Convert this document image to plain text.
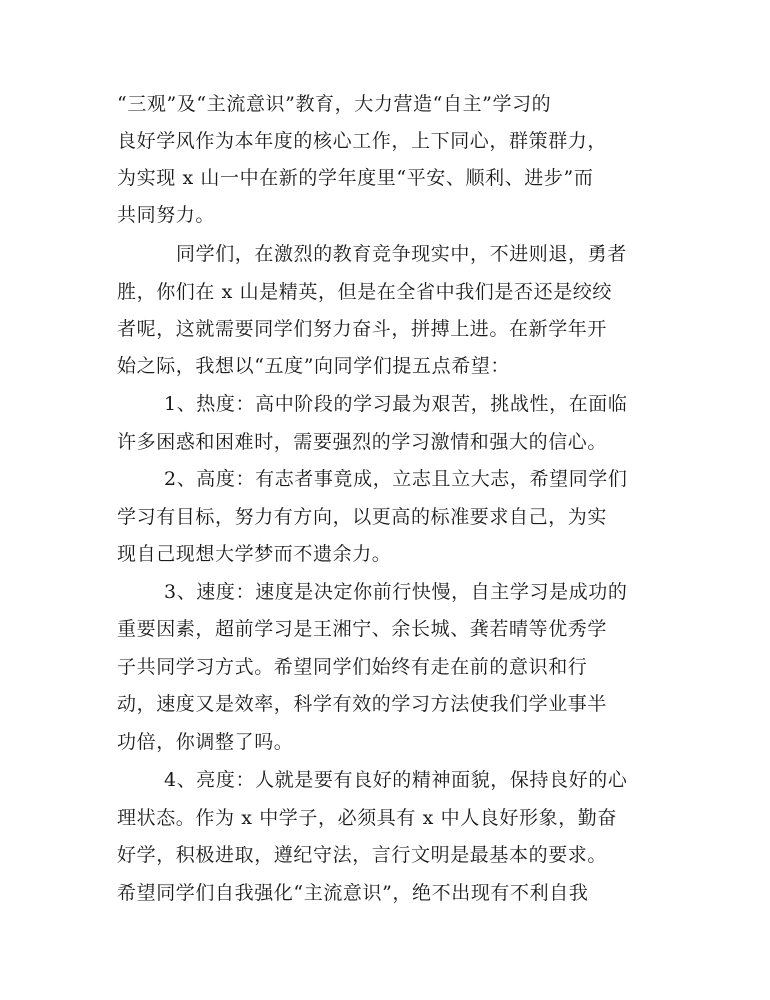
“三观”及“主流意识”教育，大力营造“自主”学习的
良好学风作为本年度的核心工作，上下同心，群策群力，
为实现 x 山一中在新的学年度里“平安、顺利、进步”而
共同努力。
同学们，在激烈的教育竞争现实中，不进则退，勇者
胜，你们在 x 山是精英，但是在全省中我们是否还是绞绞
者呢，这就需要同学们努力奋斗，拼搏上进。在新学年开
始之际，我想以“五度”向同学们提五点希望：
1、热度：高中阶段的学习最为艰苦，挑战性，在面临
许多困惑和困难时，需要强烈的学习激情和强大的信心。
2、高度：有志者事竟成，立志且立大志，希望同学们
学习有目标，努力有方向，以更高的标准要求自己，为实
现自己现想大学梦而不遗余力。
3、速度：速度是决定你前行快慢，自主学习是成功的
重要因素，超前学习是王湘宁、余长城、龚若晴等优秀学
子共同学习方式。希望同学们始终有走在前的意识和行
动，速度又是效率，科学有效的学习方法使我们学业事半
功倍，你调整了吗。
4、亮度：人就是要有良好的精神面貌，保持良好的心
理状态。作为 x 中学子，必须具有 x 中人良好形象，勤奋
好学，积极进取，遵纪守法，言行文明是最基本的要求。
希望同学们自我强化“主流意识”，绝不出现有不利自我
